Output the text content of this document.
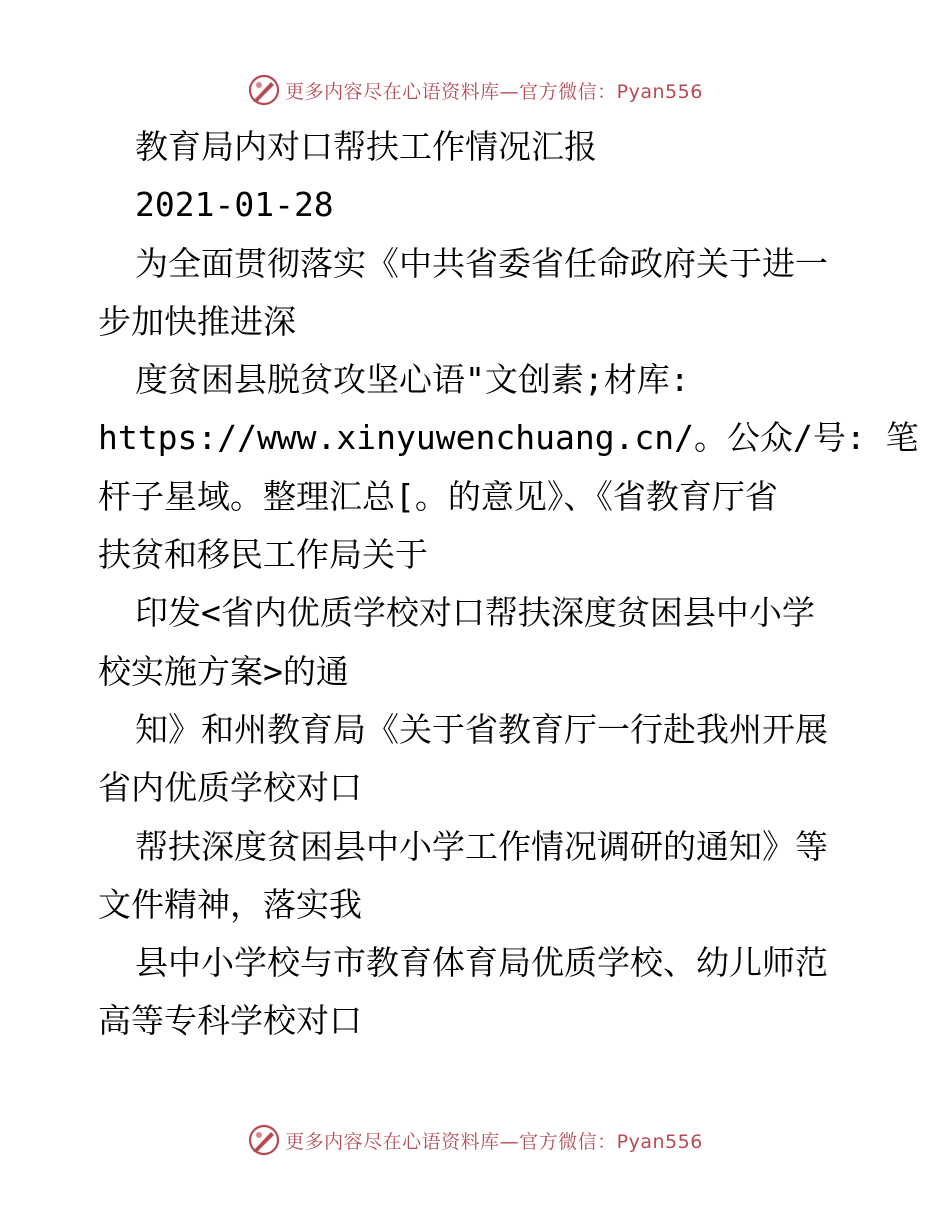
更多内容尽在心语资料库—官方微信：Pyan556

教育局内对口帮扶工作情况汇报

2021-01-28

为全面贯彻落实《中共省委省任命政府关于进一

步加快推进深

度贫困县脱贫攻坚心语"文创素;材库:

https://www.xinyuwenchuang.cn/。公众/号: 笔

杆子星域。整理汇总[。的意见》、《省教育厅省

扶贫和移民工作局关于

印发<省内优质学校对口帮扶深度贫困县中小学

校实施方案>的通

知》和州教育局《关于省教育厅一行赴我州开展

省内优质学校对口

帮扶深度贫困县中小学工作情况调研的通知》等

文件精神，落实我

县中小学校与市教育体育局优质学校、幼儿师范

高等专科学校对口

更多内容尽在心语资料库—官方微信：Pyan556
